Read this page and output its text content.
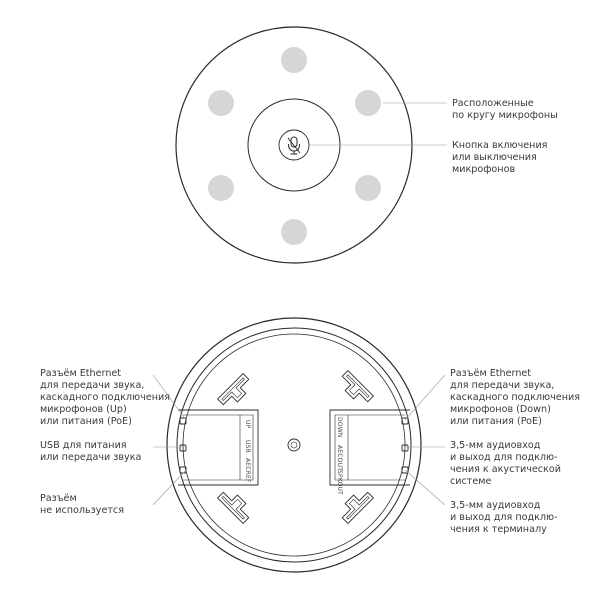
UP
USB
AECREF
DOWN
AECOUT
SPKOUT
Расположенные
по кругу микрофоны
Кнопка включения
или выключения
микрофонов
Разъём Ethernet
для передачи звука,
каскадного подключения
микрофонов (Up)
или питания (PoE)
USB для питания
или передачи звука
Разъём
не используется
Разъём Ethernet
для передачи звука,
каскадного подключения
микрофонов (Down)
или питания (PoE)
3,5-мм аудиовход
и выход для подклю-
чения к акустической
системе
3,5-мм аудиовход
и выход для подклю-
чения к терминалу
